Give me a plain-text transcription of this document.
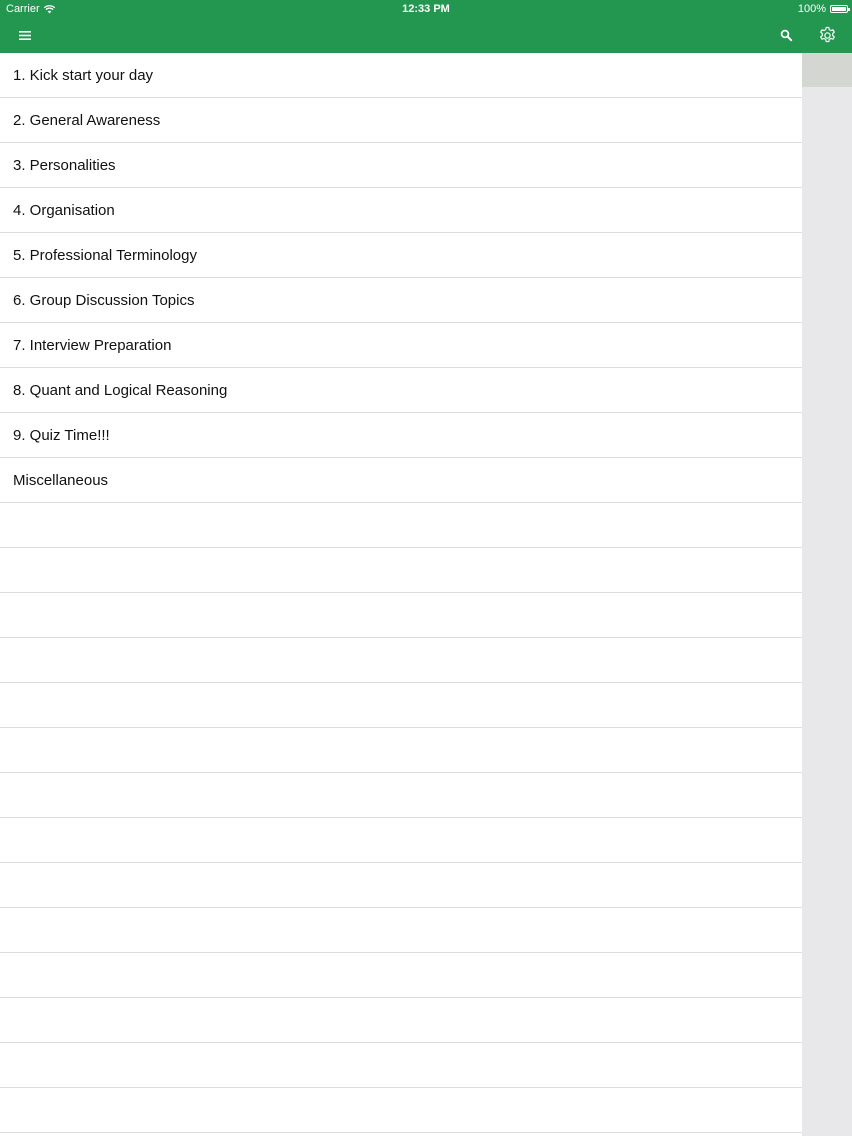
Carrier	12:33 PM	100%
1. Kick start your day
2. General Awareness
3. Personalities
4. Organisation
5. Professional Terminology
6. Group Discussion Topics
7. Interview Preparation
8. Quant and Logical Reasoning
9. Quiz Time!!!
Miscellaneous
